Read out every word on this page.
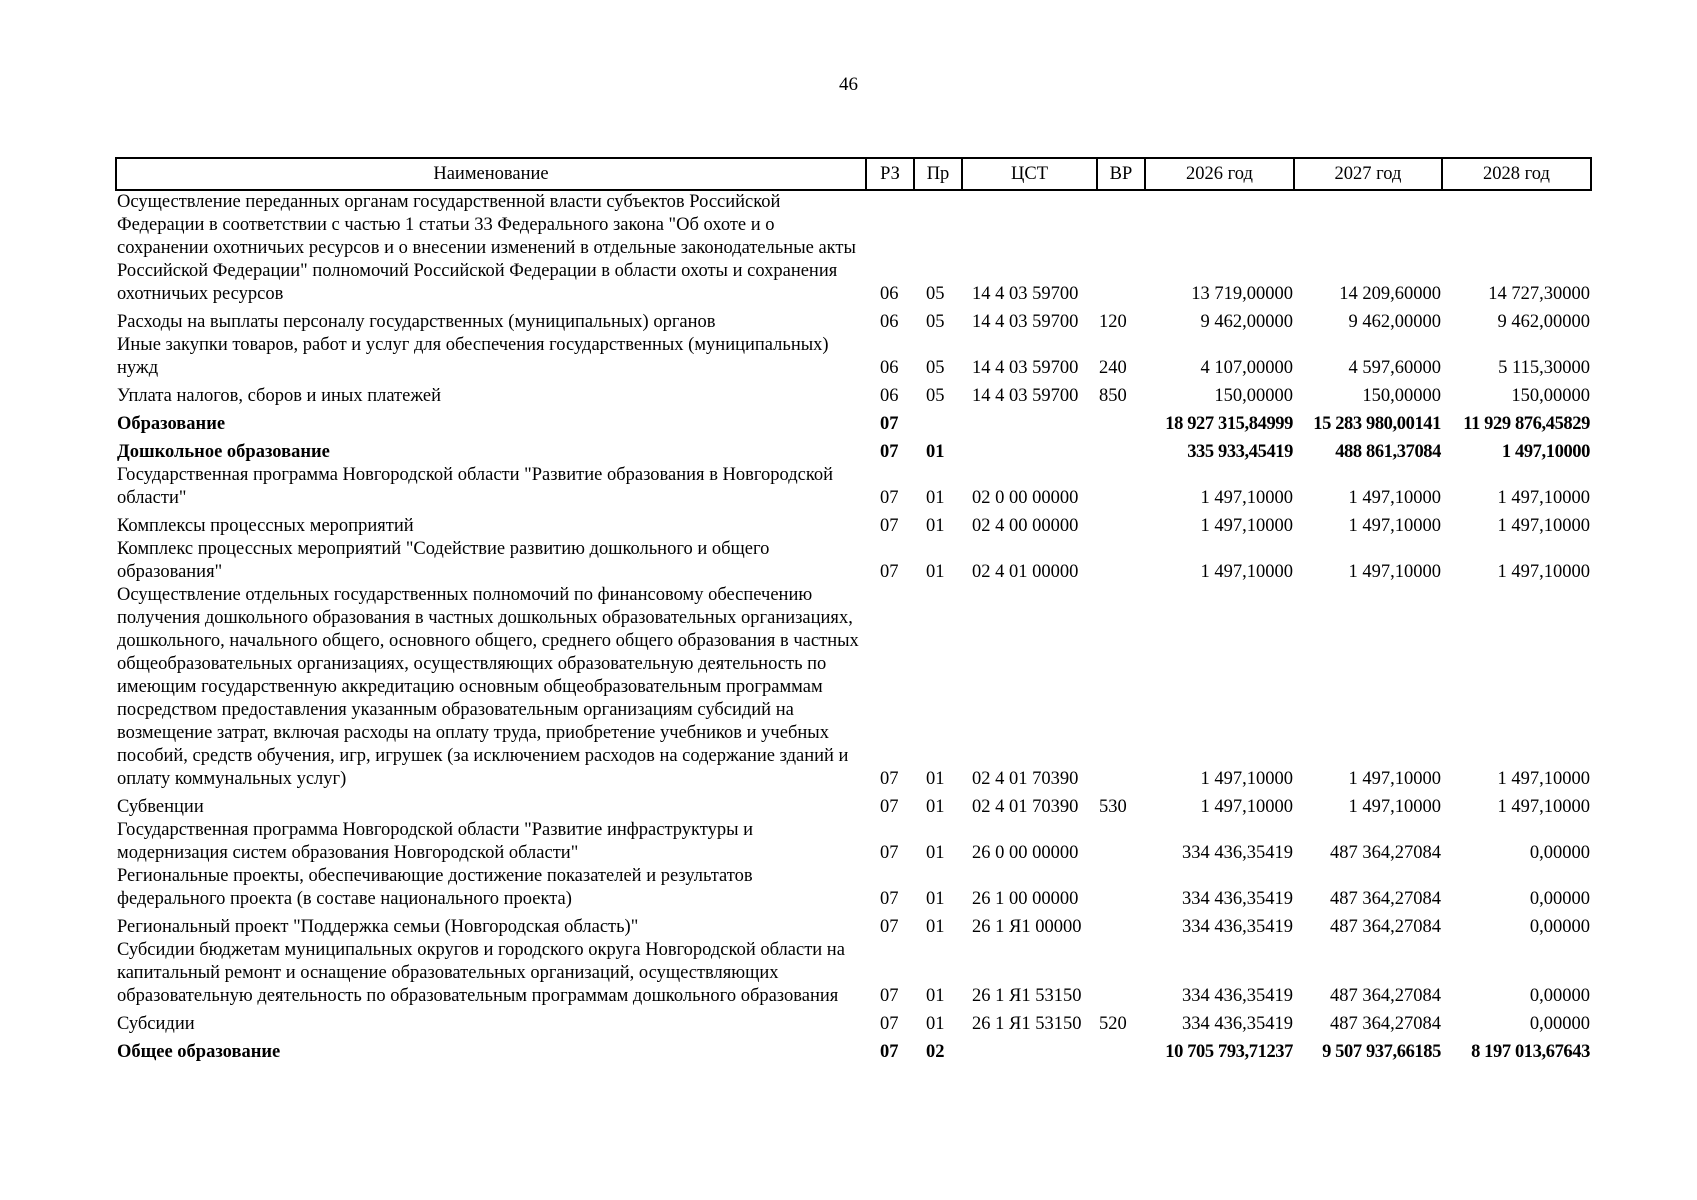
46
Наименование	РЗ	Пр	ЦСТ	ВР	2026 год	2027 год	2028 год
Осуществление переданных органам государственной власти субъектов Российской Федерации в соответствии с частью 1 статьи 33 Федерального закона "Об охоте и о сохранении охотничьих ресурсов и о внесении изменений в отдельные законодательные акты Российской Федерации" полномочий Российской Федерации в области охоты и сохранения охотничьих ресурсов	06	05	14 4 03 59700		13 719,00000	14 209,60000	14 727,30000
Расходы на выплаты персоналу государственных (муниципальных) органов	06	05	14 4 03 59700	120	9 462,00000	9 462,00000	9 462,00000
Иные закупки товаров, работ и услуг для обеспечения государственных (муниципальных) нужд	06	05	14 4 03 59700	240	4 107,00000	4 597,60000	5 115,30000
Уплата налогов, сборов и иных платежей	06	05	14 4 03 59700	850	150,00000	150,00000	150,00000
Образование	07				18 927 315,84999	15 283 980,00141	11 929 876,45829
Дошкольное образование	07	01			335 933,45419	488 861,37084	1 497,10000
Государственная программа Новгородской области "Развитие образования в Новгородской области"	07	01	02 0 00 00000		1 497,10000	1 497,10000	1 497,10000
Комплексы процессных мероприятий	07	01	02 4 00 00000		1 497,10000	1 497,10000	1 497,10000
Комплекс процессных мероприятий "Содействие развитию дошкольного и общего образования"	07	01	02 4 01 00000		1 497,10000	1 497,10000	1 497,10000
Осуществление отдельных государственных полномочий по финансовому обеспечению получения дошкольного образования в частных дошкольных образовательных организациях, дошкольного, начального общего, основного общего, среднего общего образования в частных общеобразовательных организациях, осуществляющих образовательную деятельность по имеющим государственную аккредитацию основным общеобразовательным программам посредством предоставления указанным образовательным организациям субсидий на возмещение затрат, включая расходы на оплату труда, приобретение учебников и учебных пособий, средств обучения, игр, игрушек (за исключением расходов на содержание зданий и оплату коммунальных услуг)	07	01	02 4 01 70390		1 497,10000	1 497,10000	1 497,10000
Субвенции	07	01	02 4 01 70390	530	1 497,10000	1 497,10000	1 497,10000
Государственная программа Новгородской области "Развитие инфраструктуры и модернизация систем образования Новгородской области"	07	01	26 0 00 00000		334 436,35419	487 364,27084	0,00000
Региональные проекты, обеспечивающие достижение показателей и результатов федерального проекта (в составе национального проекта)	07	01	26 1 00 00000		334 436,35419	487 364,27084	0,00000
Региональный проект "Поддержка семьи (Новгородская область)"	07	01	26 1 Я1 00000		334 436,35419	487 364,27084	0,00000
Субсидии бюджетам муниципальных округов и городского округа Новгородской области на капитальный ремонт и оснащение образовательных организаций, осуществляющих образовательную деятельность по образовательным программам дошкольного образования	07	01	26 1 Я1 53150		334 436,35419	487 364,27084	0,00000
Субсидии	07	01	26 1 Я1 53150	520	334 436,35419	487 364,27084	0,00000
Общее образование	07	02			10 705 793,71237	9 507 937,66185	8 197 013,67643
